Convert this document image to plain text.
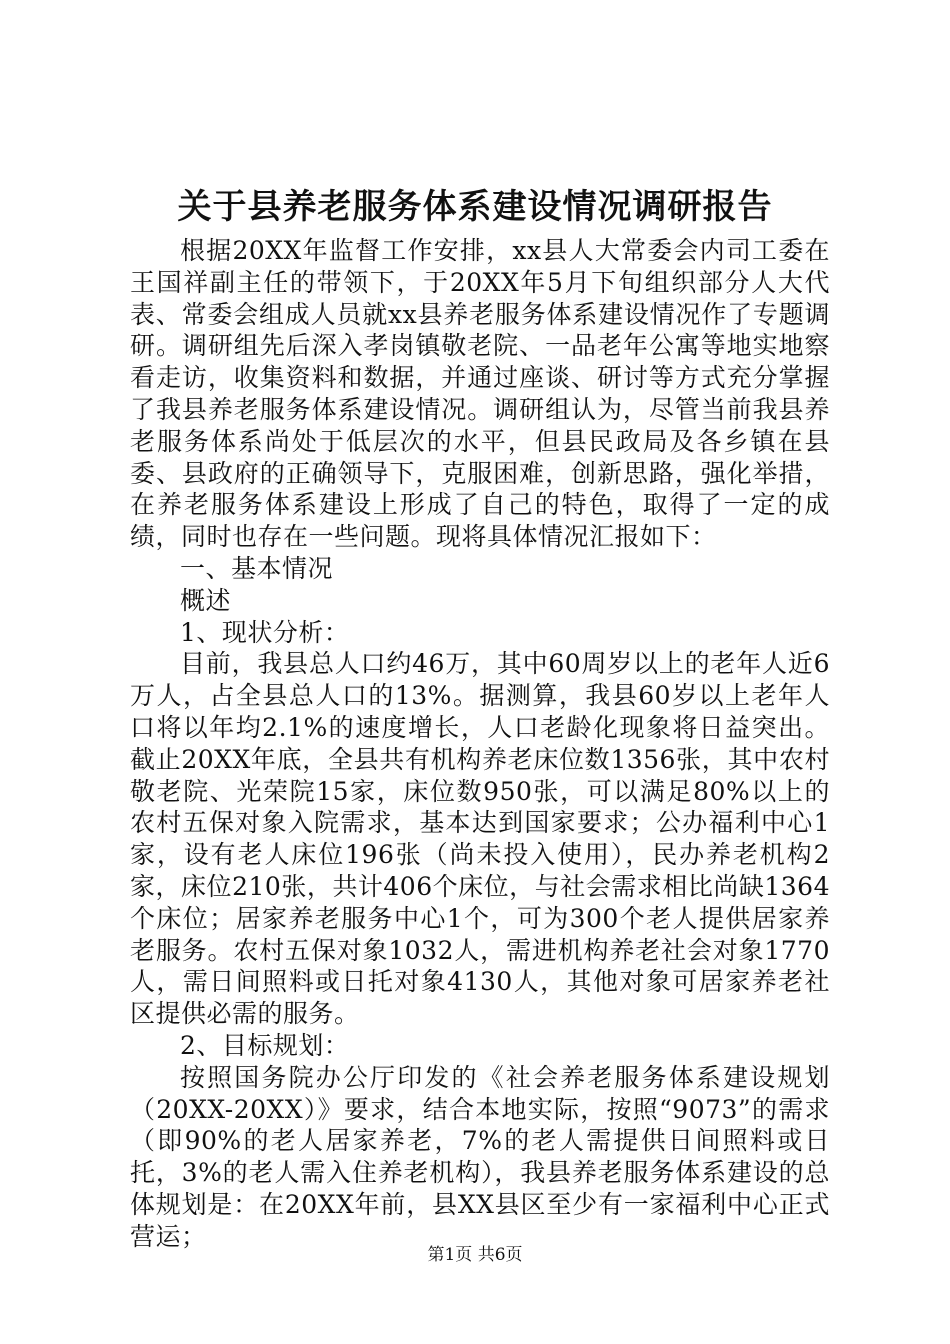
关于县养老服务体系建设情况调研报告

根据20XX年监督工作安排，xx县人大常委会内司工委在王国祥副主任的带领下，于20XX年5月下旬组织部分人大代表、常委会组成人员就xx县养老服务体系建设情况作了专题调研。调研组先后深入孝岗镇敬老院、一品老年公寓等地实地察看走访，收集资料和数据，并通过座谈、研讨等方式充分掌握了我县养老服务体系建设情况。调研组认为，尽管当前我县养老服务体系尚处于低层次的水平，但县民政局及各乡镇在县委、县政府的正确领导下，克服困难，创新思路，强化举措，在养老服务体系建设上形成了自己的特色，取得了一定的成绩，同时也存在一些问题。现将具体情况汇报如下：

一、基本情况

概述

1、现状分析：

目前，我县总人口约46万，其中60周岁以上的老年人近6万人，占全县总人口的13%。据测算，我县60岁以上老年人口将以年均2.1%的速度增长，人口老龄化现象将日益突出。截止20XX年底，全县共有机构养老床位数1356张，其中农村敬老院、光荣院15家，床位数950张，可以满足80%以上的农村五保对象入院需求，基本达到国家要求；公办福利中心1家，设有老人床位196张（尚未投入使用），民办养老机构2家，床位210张，共计406个床位，与社会需求相比尚缺1364个床位；居家养老服务中心1个，可为300个老人提供居家养老服务。农村五保对象1032人，需进机构养老社会对象1770人，需日间照料或日托对象4130人，其他对象可居家养老社区提供必需的服务。

2、目标规划：

按照国务院办公厅印发的《社会养老服务体系建设规划（20XX-20XX）》要求，结合本地实际，按照“9073”的需求（即90%的老人居家养老，7%的老人需提供日间照料或日托，3%的老人需入住养老机构），我县养老服务体系建设的总体规划是：在20XX年前，县XX县区至少有一家福利中心正式营运；

第1页 共6页
